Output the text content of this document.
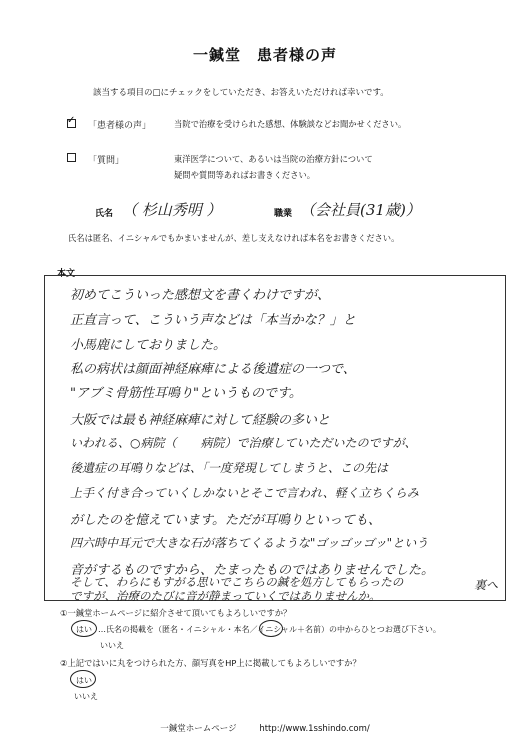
一鍼堂　患者様の声
該当する項目の□にチェックをしていただき、お答えいただければ幸いです。
✓	「患者様の声」	当院で治療を受けられた感想、体験談などお聞かせください。
「質問」	東洋医学について、あるいは当院の治療方針について
疑問や質問等あればお書きください。
氏名 （ 杉山秀明 ）	職業 （会社員(31歳)）
氏名は匿名、イニシャルでもかまいませんが、差し支えなければ本名をお書きください。
本文
初めてこういった感想文を書くわけですが、
正直言って、こういう声などは「本当かな？」と
小馬鹿にしておりました。
私の病状は顔面神経麻痺による後遺症の一つで、
"アブミ骨筋性耳鳴り"というものです。
大阪では最も神経麻痺に対して経験の多いと
いわれる、○病院（　　病院）で治療していただいたのですが、
後遺症の耳鳴りなどは、「一度発現してしまうと、この先は
上手く付き合っていくしかないとそこで言われ、軽く立ちくらみ
がしたのを憶えています。ただが耳鳴りといっても、
四六時中耳元で大きな石が落ちてくるような"ゴッゴッゴッ"という
音がするものですから、たまったものではありませんでした。
そして、わらにもすがる思いでこちらの鍼を処方してもらったの
ですが、治療のたびに音が静まっていくではありませんか。
裏へ
①一鍼堂ホームページに紹介させて頂いてもよろしいですか？
はい …氏名の掲載を（匿名・イニシャル・本名／イニシャル＋名前）の中からひとつお選び下さい。
いいえ
②上記ではいに丸をつけられた方、顔写真をHP上に掲載してもよろしいですか？
はい
いいえ
一鍼堂ホームページ	http://www.1sshindo.com/
